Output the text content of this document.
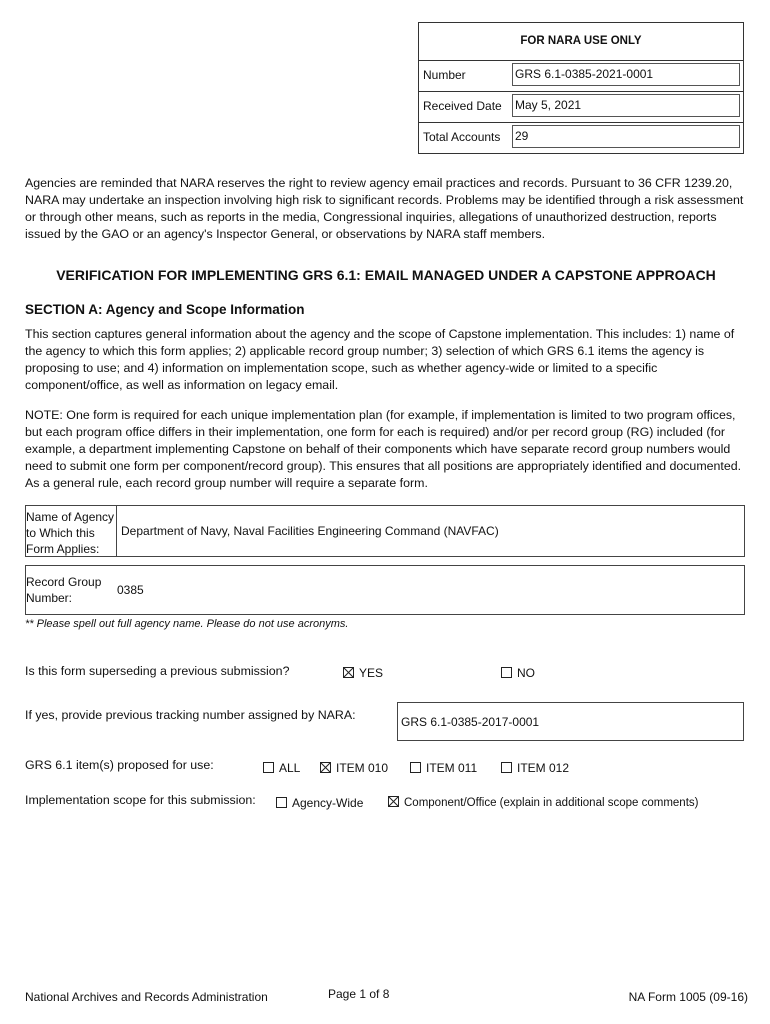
FOR NARA USE ONLY
Number	GRS 6.1-0385-2021-0001
Received Date May 5, 2021
Total Accounts 29

Agencies are reminded that NARA reserves the right to review agency email practices and records. Pursuant to 36 CFR 1239.20, NARA may undertake an inspection involving high risk to significant records. Problems may be identified through a risk assessment or through other means, such as reports in the media, Congressional inquiries, allegations of unauthorized destruction, reports issued by the GAO or an agency's Inspector General, or observations by NARA staff members.

VERIFICATION FOR IMPLEMENTING GRS 6.1: EMAIL MANAGED UNDER A CAPSTONE APPROACH
SECTION A: Agency and Scope Information

This section captures general information about the agency and the scope of Capstone implementation. This includes: 1) name of the agency to which this form applies; 2) applicable record group number; 3) selection of which GRS 6.1 items the agency is proposing to use; and 4) information on implementation scope, such as whether agency-wide or limited to a specific component/office, as well as information on legacy email.

NOTE: One form is required for each unique implementation plan (for example, if implementation is limited to two program offices, but each program office differs in their implementation, one form for each is required) and/or per record group (RG) included (for example, a department implementing Capstone on behalf of their components which have separate record group numbers would need to submit one form per component/record group). This ensures that all positions are appropriately identified and documented. As a general rule, each record group number will require a separate form.

Name of Agency to Which this Form Applies:
Department of Navy, Naval Facilities Engineering Command (NAVFAC)
Record Group Number:
0385
** Please spell out full agency name. Please do not use acronyms.
Is this form superseding a previous submission?	YES	NO
If yes, provide previous tracking number assigned by NARA:	GRS 6.1-0385-2017-0001
GRS 6.1 item(s) proposed for use:	ALL	ITEM 010	ITEM 011	ITEM 012
Implementation scope for this submission:	Agency-Wide	Component/Office (explain in additional scope comments)
National Archives and Records Administration	Page 1 of 8	NA Form 1005 (09-16)
